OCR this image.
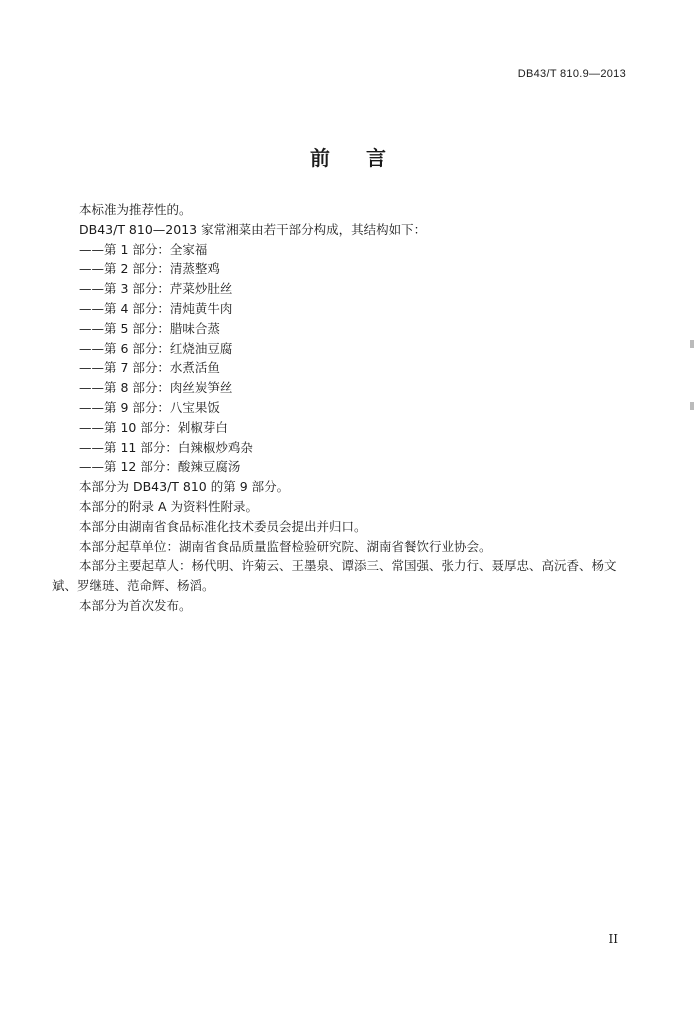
DB43/T 810.9—2013
前言

本标准为推荐性的。

DB43/T 810—2013 家常湘菜由若干部分构成，其结构如下：

——第 1 部分：全家福

——第 2 部分：清蒸整鸡

——第 3 部分：芹菜炒肚丝

——第 4 部分：清炖黄牛肉

——第 5 部分：腊味合蒸

——第 6 部分：红烧油豆腐

——第 7 部分：水煮活鱼

——第 8 部分：肉丝炭笋丝

——第 9 部分：八宝果饭

——第 10 部分：剁椒芽白

——第 11 部分：白辣椒炒鸡杂

——第 12 部分：酸辣豆腐汤

本部分为 DB43/T 810 的第 9 部分。

本部分的附录 A 为资料性附录。

本部分由湖南省食品标准化技术委员会提出并归口。

本部分起草单位：湖南省食品质量监督检验研究院、湖南省餐饮行业协会。

本部分主要起草人：杨代明、许菊云、王墨泉、谭添三、常国强、张力行、聂厚忠、高沅香、杨文斌、罗继琏、范命辉、杨滔。

本部分为首次发布。

II
